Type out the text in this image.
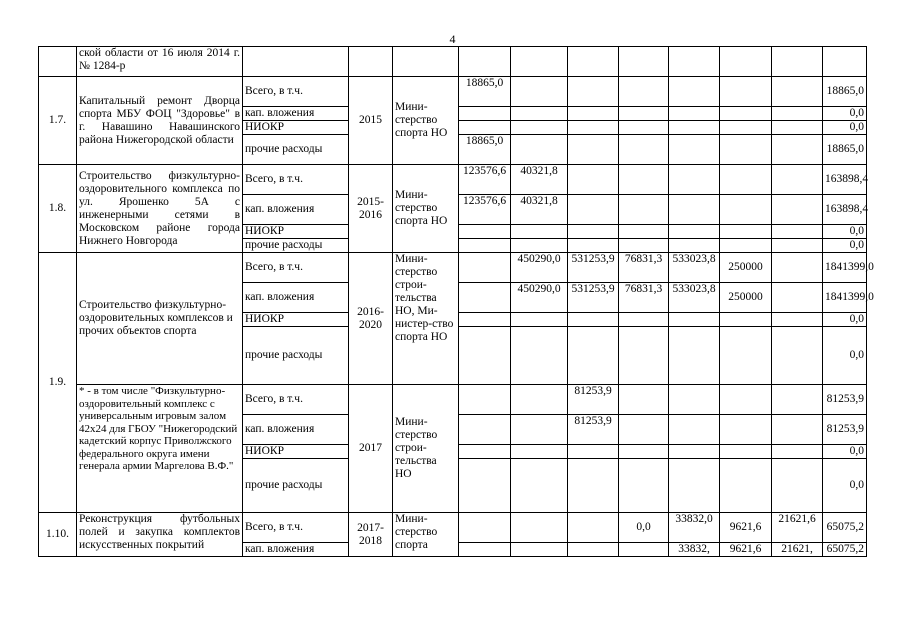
4
	ской области от 16 июля 2014 г. № 1284-р											
1.7.	Капитальный ремонт Дворца спорта МБУ ФОЦ "Здоровье" в г. Навашино Навашинского района Нижегородской области	Всего, в т.ч.	2015	Мини-стерство спорта НО	18865,0							18865,0
		кап. вложения										0,0
		НИОКР										0,0
		прочие расходы			18865,0							18865,0
1.8.	Строительство физкультурно-оздоровительного комплекса по ул. Ярошенко 5А с инженерными сетями в Московском районе города Нижнего Новгорода	Всего, в т.ч.	2015-2016	Мини-стерство спорта НО	123576,6	40321,8						163898,4
		кап. вложения			123576,6	40321,8						163898,4
		НИОКР										0,0
		прочие расходы										0,0
1.9.	Строительство физкультурно-оздоровительных комплексов и прочих объектов спорта	Всего, в т.ч.	2016-2020	Мини-стерство строи-тельства НО, Ми-нистер-ство спорта НО		450290,0	531253,9	76831,3	533023,8	250000		1841399,0
		кап. вложения				450290,0	531253,9	76831,3	533023,8	250000		1841399,0
		НИОКР										0,0
		прочие расходы										0,0
	* - в том числе "Физкультурно-оздоровительный комплекс с универсальным игровым залом 42х24 для ГБОУ "Нижегородский кадетский корпус Приволжского федерального округа имени генерала армии Маргелова В.Ф."	Всего, в т.ч.	2017	Мини-стерство строи-тельства НО			81253,9					81253,9
		кап. вложения					81253,9					81253,9
		НИОКР										0,0
		прочие расходы										0,0
1.10.	Реконструкция футбольных полей и закупка комплектов искусственных покрытий	Всего, в т.ч.	2017-2018	Мини-стерство спорта				0,0	33832,0	9621,6	21621,6	65075,2
		кап. вложения							33832,	9621,6	21621,	65075,2
